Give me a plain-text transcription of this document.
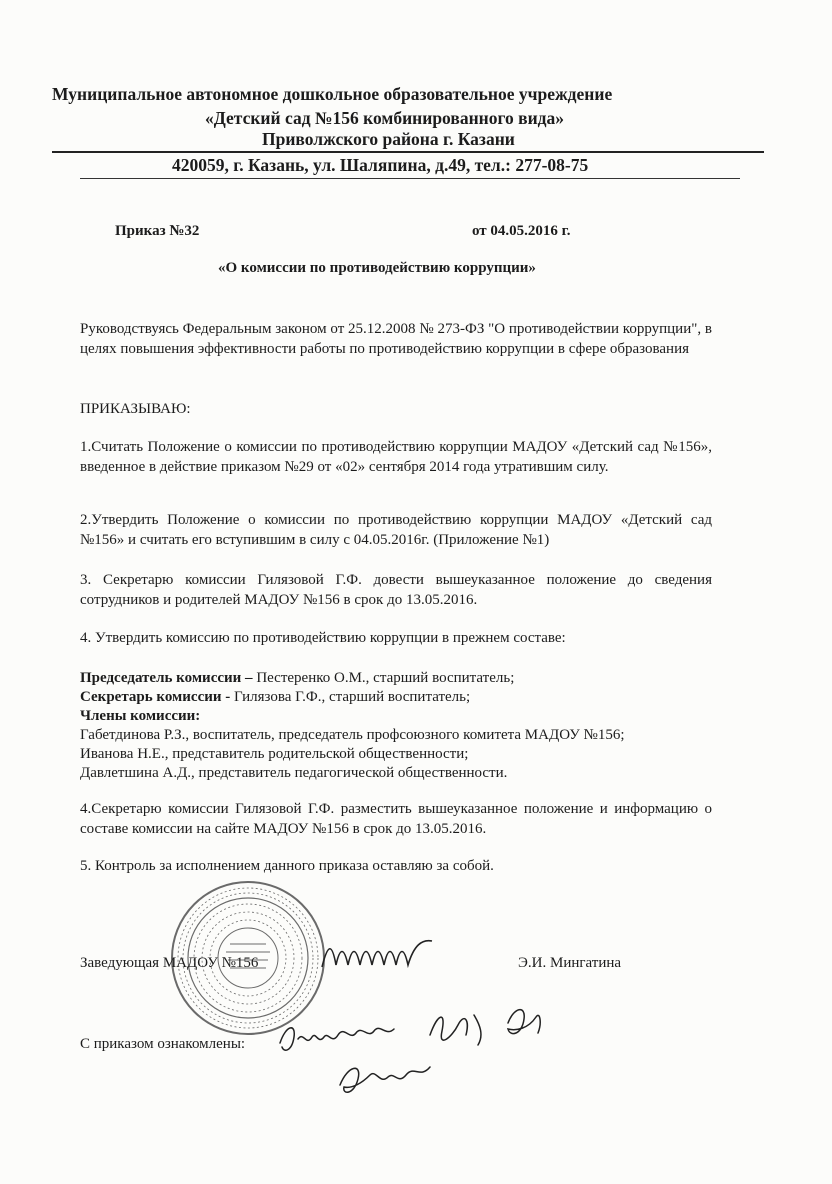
Муниципальное автономное дошкольное образовательное учреждение
«Детский сад №156 комбинированного вида»
Приволжского района г. Казани
420059, г. Казань, ул. Шаляпина, д.49, тел.: 277-08-75
Приказ №32	от 04.05.2016 г.
«О комиссии по противодействию коррупции»
Руководствуясь Федеральным законом от 25.12.2008 № 273-ФЗ "О противодействии коррупции", в целях повышения эффективности работы по противодействию коррупции в сфере образования
ПРИКАЗЫВАЮ:
1.Считать Положение о комиссии по противодействию коррупции МАДОУ «Детский сад №156», введенное в действие приказом №29 от «02» сентября 2014 года утратившим силу.
2.Утвердить Положение о комиссии по противодействию коррупции МАДОУ «Детский сад №156» и считать его вступившим в силу с 04.05.2016г. (Приложение №1)
3. Секретарю комиссии Гилязовой Г.Ф. довести вышеуказанное положение до сведения сотрудников и родителей МАДОУ №156 в срок до 13.05.2016.
4. Утвердить комиссию по противодействию коррупции в прежнем составе:
Председатель комиссии – Пестеренко О.М., старший воспитатель;
Секретарь комиссии - Гилязова Г.Ф., старший воспитатель;
Члены комиссии:
Габетдинова Р.З., воспитатель, председатель профсоюзного комитета МАДОУ №156;
Иванова Н.Е., представитель родительской общественности;
Давлетшина А.Д., представитель педагогической общественности.
4.Секретарю комиссии Гилязовой Г.Ф. разместить вышеуказанное положение и информацию о составе комиссии на сайте МАДОУ №156 в срок до 13.05.2016.
5. Контроль за исполнением данного приказа оставляю за собой.
Заведующая МАДОУ №156	Э.И. Мингатина
С приказом ознакомлены:
